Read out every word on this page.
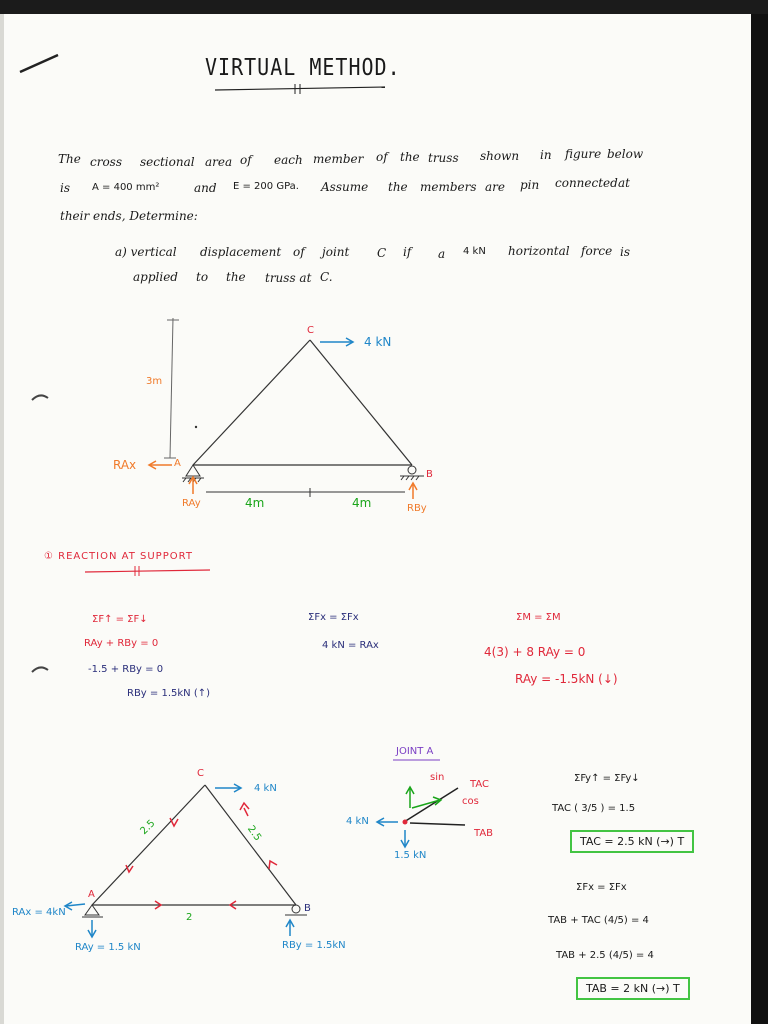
VIRTUAL METHOD.
The cross sectional area of each member of the truss shown in figure below
is A = 400 mm²	and E = 200 GPa. Assume the members are pin connected at
their ends, Determine:
a) vertical displacement of joint C if a 4 kN horizontal force is
applied to the truss at C.
3m
C
4 kN
A
B
RAx
RAy	RBy
4m	4m
① REACTION AT SUPPORT
ΣF↑ = ΣF↓
RAy + RBy = 0
-1.5 + RBy = 0
RBy = 1.5kN (↑)
ΣFx = ΣFx
4 kN = RAx
ΣM = ΣM
4(3) + 8 RAy = 0
RAy = -1.5kN (↓)
C
4 kN
A
B
2.5	2.5
2
RAx = 4kN
RAy = 1.5 kN	RBy = 1.5kN
JOINT A
sin
cos
TAC
TAB
4 kN
1.5 kN
ΣFy↑ = ΣFy↓
TAC ( 3/5 ) = 1.5
TAC = 2.5 kN (→) T
ΣFx = ΣFx
TAB + TAC (4/5) = 4
TAB + 2.5 (4/5) = 4
TAB = 2 kN (→) T
